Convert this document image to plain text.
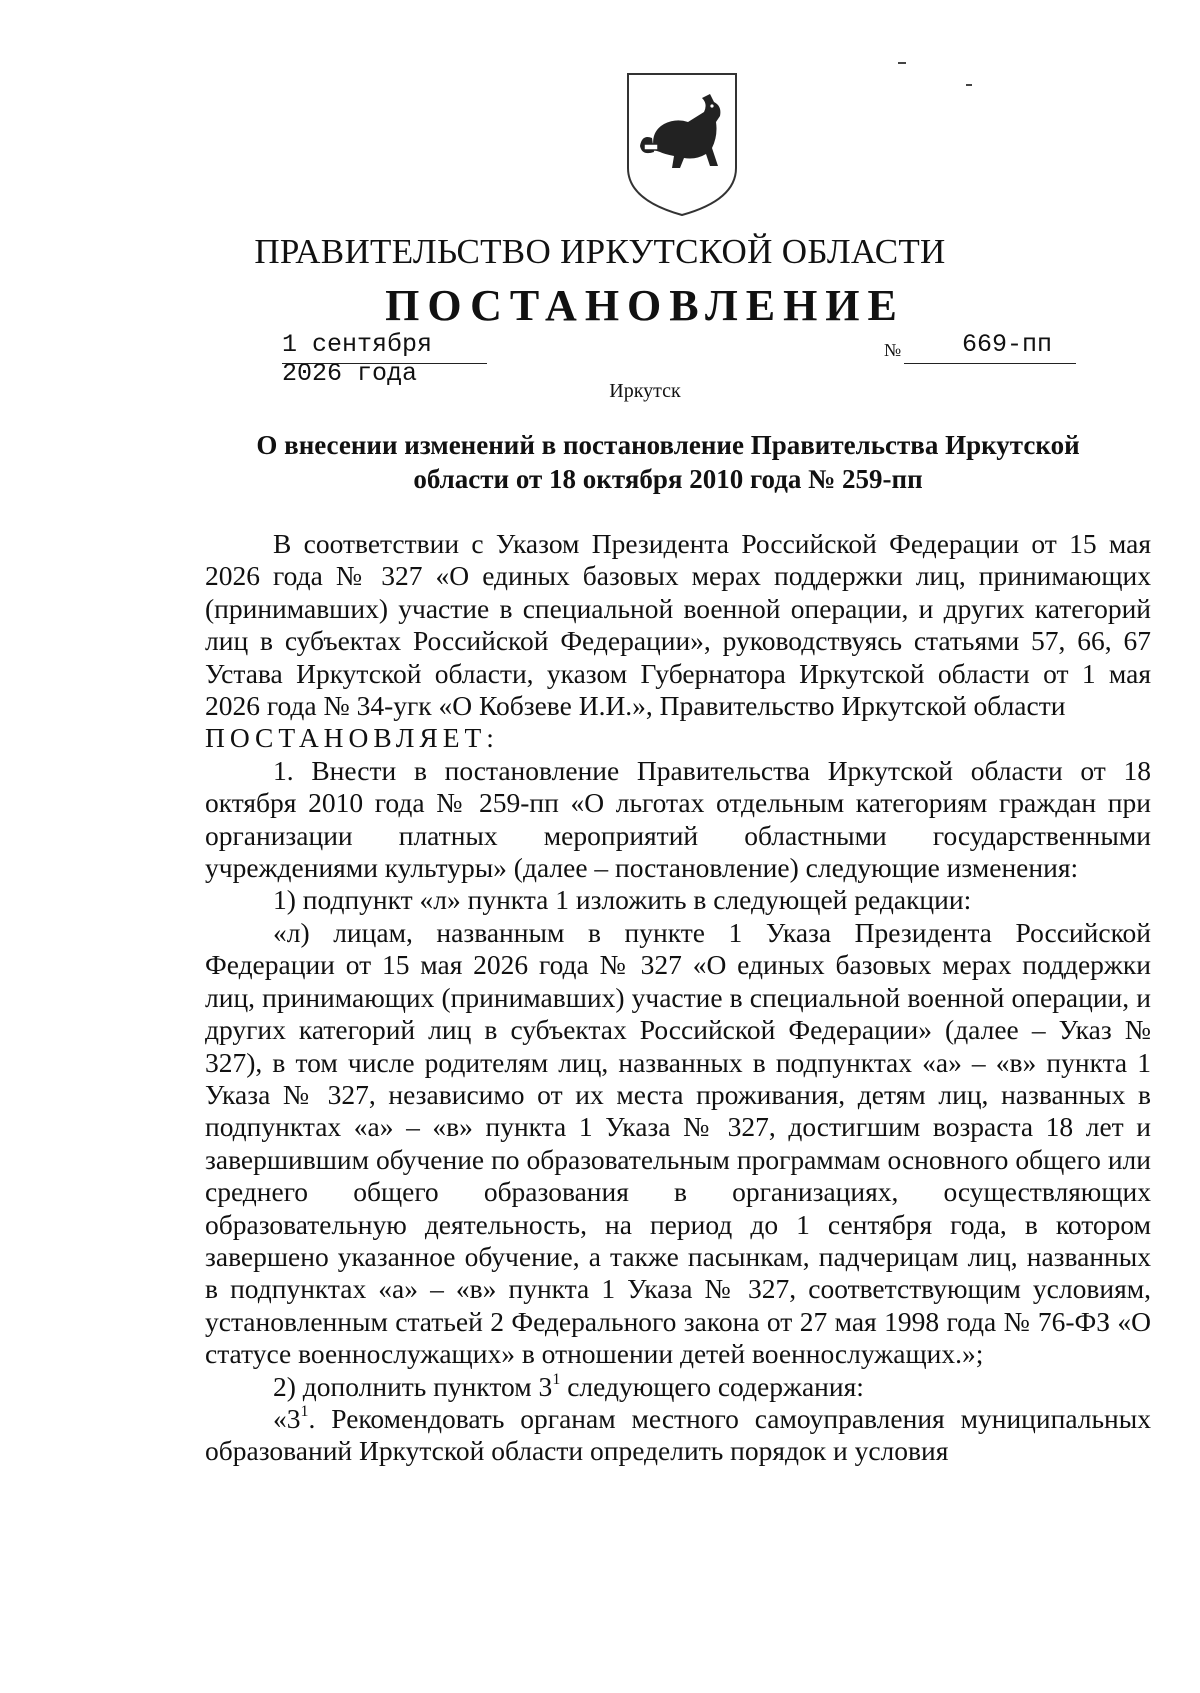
ПРАВИТЕЛЬСТВО ИРКУТСКОЙ ОБЛАСТИ
ПОСТАНОВЛЕНИЕ
1 сентября 2026 года
№ 669-пп
Иркутск
О внесении изменений в постановление Правительства Иркутской
области от 18 октября 2010 года № 259-пп

В соответствии с Указом Президента Российской Федерации от 15 мая 2026 года № 327 «О единых базовых мерах поддержки лиц, принимающих (принимавших) участие в специальной военной операции, и других категорий лиц в субъектах Российской Федерации», руководствуясь статьями 57, 66, 67 Устава Иркутской области, указом Губернатора Иркутской области от 1 мая 2026 года № 34-угк «О Кобзеве И.И.», Правительство Иркутской области

ПОСТАНОВЛЯЕТ:

1. Внести в постановление Правительства Иркутской области от 18 октября 2010 года № 259-пп «О льготах отдельным категориям граждан при организации платных мероприятий областными государственными учреждениями культуры» (далее – постановление) следующие изменения:

1) подпункт «л» пункта 1 изложить в следующей редакции:

«л) лицам, названным в пункте 1 Указа Президента Российской Федерации от 15 мая 2026 года № 327 «О единых базовых мерах поддержки лиц, принимающих (принимавших) участие в специальной военной операции, и других категорий лиц в субъектах Российской Федерации» (далее – Указ № 327), в том числе родителям лиц, названных в подпунктах «а» – «в» пункта 1 Указа № 327, независимо от их места проживания, детям лиц, названных в подпунктах «а» – «в» пункта 1 Указа № 327, достигшим возраста 18 лет и завершившим обучение по образовательным программам основного общего или среднего общего образования в организациях, осуществляющих образовательную деятельность, на период до 1 сентября года, в котором завершено указанное обучение, а также пасынкам, падчерицам лиц, названных в подпунктах «а» – «в» пункта 1 Указа № 327, соответствующим условиям, установленным статьей 2 Федерального закона от 27 мая 1998 года № 76-ФЗ «О статусе военнослужащих» в отношении детей военнослужащих.»;

2) дополнить пунктом $3^1$ следующего содержания:

«$3^1$. Рекомендовать органам местного самоуправления муниципальных образований Иркутской области определить порядок и условия
